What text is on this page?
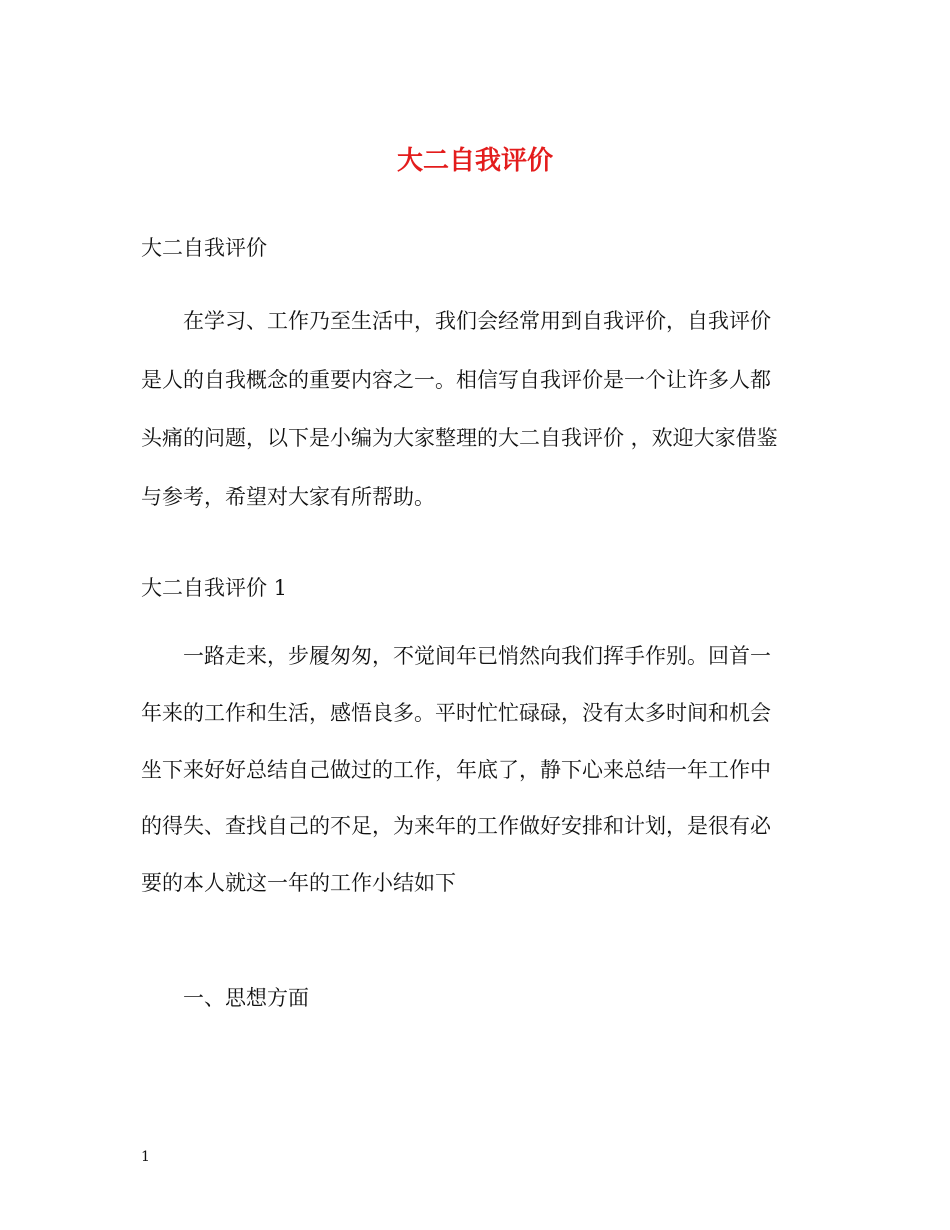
大二自我评价

大二自我评价

在学习、工作乃至生活中，我们会经常用到自我评价，自我评价
是人的自我概念的重要内容之一。相信写自我评价是一个让许多人都
头痛的问题，以下是小编为大家整理的大二自我评价 ，欢迎大家借鉴
与参考，希望对大家有所帮助。

大二自我评价 1

一路走来，步履匆匆，不觉间年已悄然向我们挥手作别。回首一
年来的工作和生活，感悟良多。平时忙忙碌碌，没有太多时间和机会
坐下来好好总结自己做过的工作，年底了，静下心来总结一年工作中
的得失、查找自己的不足，为来年的工作做好安排和计划，是很有必
要的本人就这一年的工作小结如下

一、思想方面

1
